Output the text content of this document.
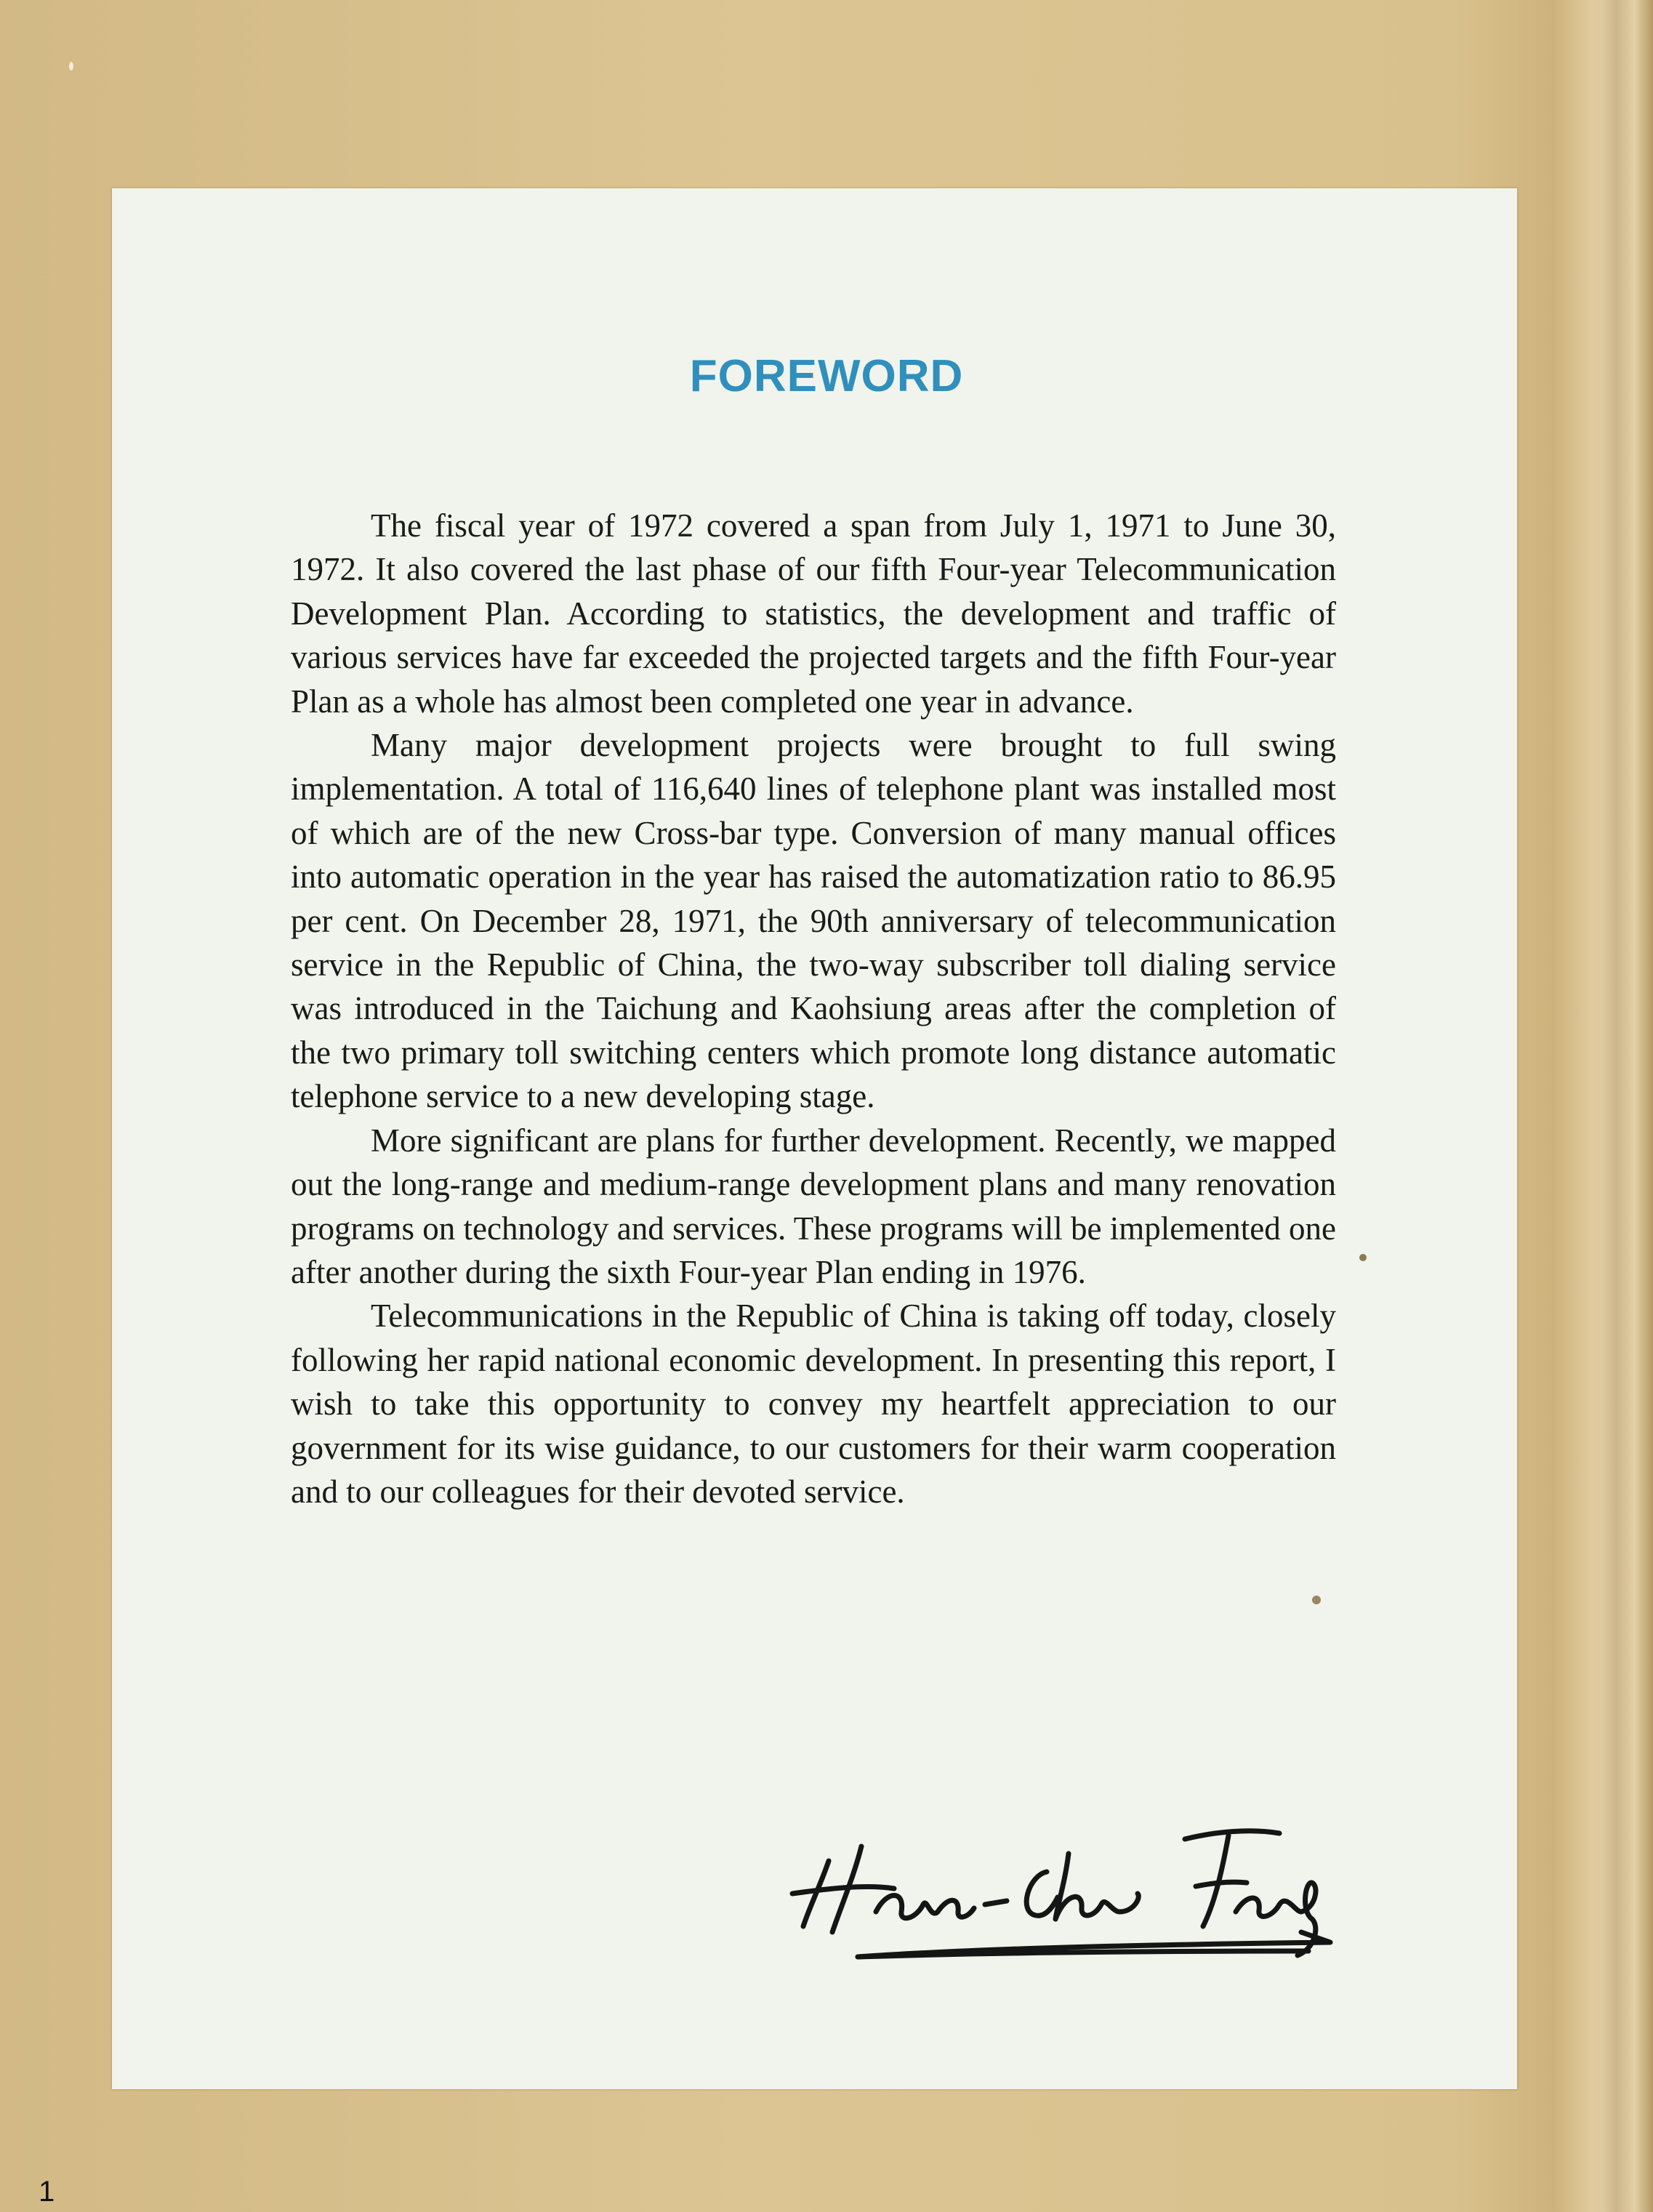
FOREWORD

The fiscal year of 1972 covered a span from July 1, 1971 to June 30, 1972. It also covered the last phase of our fifth Four-year Telecommunication Development Plan. According to statistics, the development and traffic of various services have far exceeded the projected targets and the fifth Four-year Plan as a whole has almost been completed one year in advance.

Many major development projects were brought to full swing implementation. A total of 116,640 lines of telephone plant was installed most of which are of the new Cross-bar type. Conversion of many manual offices into automatic operation in the year has raised the automatization ratio to 86.95 per cent. On December 28, 1971, the 90th anniversary of telecommunication service in the Republic of China, the two-way subscriber toll dialing service was introduced in the Taichung and Kaohsiung areas after the completion of the two primary toll switching centers which promote long distance automatic telephone service to a new developing stage.

More significant are plans for further development. Recently, we mapped out the long-range and medium-range development plans and many renovation programs on technology and services. These programs will be implemented one after another during the sixth Four-year Plan ending in 1976.

Telecommunications in the Republic of China is taking off today, closely following her rapid national economic development. In presenting this report, I wish to take this opportunity to convey my heartfelt appreciation to our government for its wise guidance, to our customers for their warm cooperation and to our colleagues for their devoted service.

1
